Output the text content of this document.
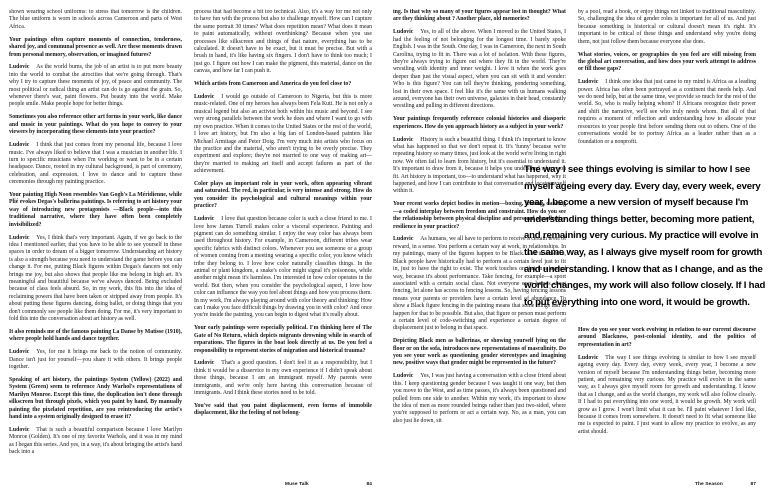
shown wearing school uniforms: to stress that tomorrow is the children. The blue uniform is worn in schools across Cameroon and parts of West Africa.
Your paintings often capture moments of connection, tenderness, shared joy, and communal presence as well. Are these moments drawn from personal memory, observation, or imagined futures?
Ludovic As the world burns, the job of an artist is to put more beauty into the world to combat the atrocities that we're going through. That's why I try to capture these moments of joy, of peace and community. The most political or radical thing an artist can do is go against the grain. So, whenever there's war, paint flowers. Put beauty into the world. Make people smile. Make people hope for better things.
Sometimes you also reference other art forms in your work, like dance and music in your paintings. What do you hope to convey to your viewers by incorporating these elements into your practice?
Ludovic I think that just comes from my personal life, because I love music. I've always liked to believe that I was a musician in another life. I turn to specific musicians when I'm working or want to be in a certain headspace. Dance, rooted in my cultural background, is part of ceremony, celebration, and expression. I love to dance and to capture these ceremonies through my painting practice.
Your painting High Noon resembles Van Gogh's La Méridienne, while Plié evokes Degas's ballerina paintings. Is referring to art history your way of introducing new protagonists —Black people—into this traditional narrative, where they have often been completely invisibilized?
Ludovic Yes, I think that's very important. Again, if we go back to the idea I mentioned earlier, that you have to be able to see yourself in these spaces in order to dream of a bigger tomorrow. Understanding art history is also a strength because you need to understand the game before you can change it. For me, putting Black figures within Degas's dancers not only brings me joy, but also shows that people like me belong in high art. It's meaningful and beautiful because we've always danced. Being excluded because of class feels absurd. So, in my work, this fits into the idea of reclaiming powers that have been taken or stripped away from people. It's about putting these figures dancing, doing ballet, or doing things that you don't commonly see people like them doing. For me, it's very important to fold this into the conversation about art history as well.
It also reminds me of the famous painting La Danse by Matisse (1910), where people hold hands and dance together.
Ludovic Yes, for me it brings me back to the notion of community. Dance isn't just for yourself—you share it with others. It brings people together.
Speaking of art history, the paintings System (Yellow) (2022) and System (Green) seem to reference Andy Warhol's representations of Marilyn Monroe. Except this time, the duplication isn't done through silkscreen but through pixels, which you paint by hand. By manually painting the pixelated repetition, are you reintroducing the artist's hand into a system originally designed to erase it?
Ludovic That is such a beautiful comparison because I love Marilyn Monroe (Golden). It's one of my favorite Warhols, and it was in my mind as I began this series. And yes, in a way, it's about bringing the artist's hand back into a
process that had become a bit too technical. Also, it's a way for me not only to have fun with the process but also to challenge myself. How can I capture the same portrait 30 times? What does repetition mean? What does it mean to paint automatically, without overthinking? Because when you use processes like silkscreen and things of that nature, everything has to be calculated. It doesn't have to be exact, but it must be precise. But with a brush in hand, it's like having six fingers. I don't have to think too much; I just go. I figure out how I can make the pigment, this material, dance on the canvas, and how far I can push it.
Which artists from Cameroon and America do you feel close to?
Ludovic I would go outside of Cameroon to Nigeria, but this is more music-related. One of my heroes has always been Fela Kuti. He is not only a musical legend but also an activist both within his music and beyond. I see very strong parallels between the work he does and where I want to go with my own practice. When it comes to the United States or the rest of the world, I love art history, but I'm also a big fan of London-based painters like Michael Armitage and Peter Doig. I'm very much into artists who focus on the practice and the material, who aren't trying to be overly precise. They experiment and explore; they're not married to one way of making art—they're married to making art itself and accept failures as part of the achievement.
Color plays an important role in your work, often appearing vibrant and saturated. The red, in particular, is very intense and strong. How do you consider its psychological and cultural meanings within your practice?
Ludovic I love that question because color is such a close friend to me. I love how James Turrell makes color a visceral experience. Painting and pigment can do something similar. I enjoy the way color has always been used throughout history. For example, in Cameroon, different tribes wear specific fabrics with distinct colors. Whenever you see someone or a group of women coming from a meeting wearing a specific color, you know which tribe they belong to. I love how color naturally classifies things. In the animal or plant kingdom, a snake's color might signal it's poisonous, while another might mean it's harmless. I'm interested in how color operates in the world. But then, when you consider the psychological aspect, I love how color can influence the way you feel about things and how you process them. In my work, I'm always playing around with color theory and thinking: How can I make you face difficult things by drawing you in with color? And once you're inside the painting, you can begin to digest what it's really about.
Your early paintings were especially political. I'm thinking here of The Gate of No Return, which depicts migrants drowning while in search of reparations. The figures in the boat look directly at us. Do you feel a responsibility to represent stories of migration and historical trauma?
Ludovic That's a good question. I don't feel it as a responsibility, but I think it would be a disservice to my own experience if I didn't speak about those things, because I am an immigrant myself. My parents were immigrants, and we're only here having this conversation because of immigrants. And I think these stories need to be told.
You've said that you paint displacement, even forms of immobile displacement, like the feeling of not belong-
ing. Is that why so many of your figures appear lost in thought? What are they thinking about ? Another place, old memories?
Ludovic Yes, to all of the above. When I moved to the United States, I had the feeling of not belonging for the longest time. I barely spoke English. I was in the South. One day, I was in Cameroon, the next in South Carolina, trying to fit in. There was a lot of isolation. With these figures, they're always trying to figure out where they fit in the world. They're wrestling with identity and inner weight. I love it when the work goes deeper than just the visual aspect, when you can sit with it and wonder: Who is this figure? You can tell they're thinking, pondering something, lost in their own space. I feel like it's the same with us humans walking around, everyone has their own universe, galaxies in their head, constantly wrestling and pulling in different directions.
Your paintings frequently reference colonial histories and diasporic experiences. How do you approach history as a subject in your work?
Ludovic History is such a beautiful thing. I think it's important to know what has happened so that we don't repeat it. It's 'funny' because we're repeating history so many times, just look at the world we're living in right now. We often fail to learn from history, but it's essential to understand it. It's important to draw from it, because it helps you understand where you fit. Art history is important, too—to understand what has happened, why it happened, and how I can contribute to that conversation and locate myself within it.
Your recent works depict bodies in motion—boxing, fencing, dancing—a coded interplay between freedom and constraint. How do you see the relationship between physical discipline and personal or collective resilience in your practice?
Ludovic As humans, we all have to perform to receive a certain level of reward, in a sense. You perform a certain way at work, in relationships. In my paintings, many of the figures happen to be Black. And in America, Black people have historically had to perform at a certain level just to fit in, just to have the right to exist. The work touches on that in a layered way, because it's about performance. Take fencing, for example—a sport associated with a certain social class. Not everyone even knows about fencing, let alone has access to fencing lessons. So, having fencing lessons means your parents or providers have a certain level of abundance. To show a Black figure fencing in the painting means that some things had to happen for that to be possible. But also, that figure or person must perform a certain level of code-switching and experience a certain degree of displacement just to belong in that space.
Depicting Black men as ballerinas, or showing yourself lying on the floor or on the sofa, introduces new representations of masculinity. Do you see your work as questioning gender stereotypes and imagining new, positive ways that gender might be represented in the future?
Ludovic Yes, I was just having a conversation with a close friend about this. I keep questioning gender because I was taught it one way, but then you move to the West, and as time passes, it's always been questioned and pulled from one side to another. Within my work, it's important to show the idea of men as more rounded beings rather than just two-sided, where you're supposed to perform or act a certain way. No, as a man, you can also just lie down, sit
by a pool, read a book, or enjoy things not linked to traditional masculinity. So, challenging the idea of gender roles is important for all of us. And just because something is historical or cultural doesn't mean it's right. It's important to be critical of these things and understand why you're doing them, not just follow them because everyone else does.
What stories, voices, or geographies do you feel are still missing from the global art conversation, and how does your work attempt to address or fill those gaps?
Ludovic I think one idea that just came to my mind is Africa as a leading power. Africa has often been portrayed as a continent that needs help. And we do need help, but at the same time, we provide so much for the rest of the world. So, who is really helping whom? If Africans recognize their power and shift the narrative, we'll see who truly needs whom. But all of that requires a moment of reflection and understanding how to allocate your resources to your people first before sending them out to others. One of the conversations would be to portray Africa as a leader rather than as a foundation or a nonprofit.
How do you see your work evolving in relation to our current discourse around Blackness, post-colonial identity, and the politics of representation in art?
Ludovic The way I see things evolving is similar to how I see myself ageing every day. Every day, every week, every year, I become a new version of myself because I'm understanding things better, becoming more patient, and remaining very curious. My practice will evolve in the same way, as I always give myself room for growth and understanding. I know that as I change, and as the world changes, my work will also follow closely. If I had to put everything into one word, it would be growth. My work will grow as I grow. I won't limit what it can be. I'll paint whatever I feel like, because it comes from somewhere. It doesn't need to fit what someone like me is expected to paint. I just want to allow my practice to evolve, as any artist should.
The way I see things evolving is similar to how I see myself ageing every day. Every day, every week, every year, I become a new version of myself because I'm understanding things better, becoming more patient, and remaining very curious. My practice will evolve in the same way, as I always give myself room for growth and understanding. I know that as I change, and as the world changes, my work will also follow closely. If I had to put everything into one word, it would be growth.
Muse Talk	84	The Season	87
